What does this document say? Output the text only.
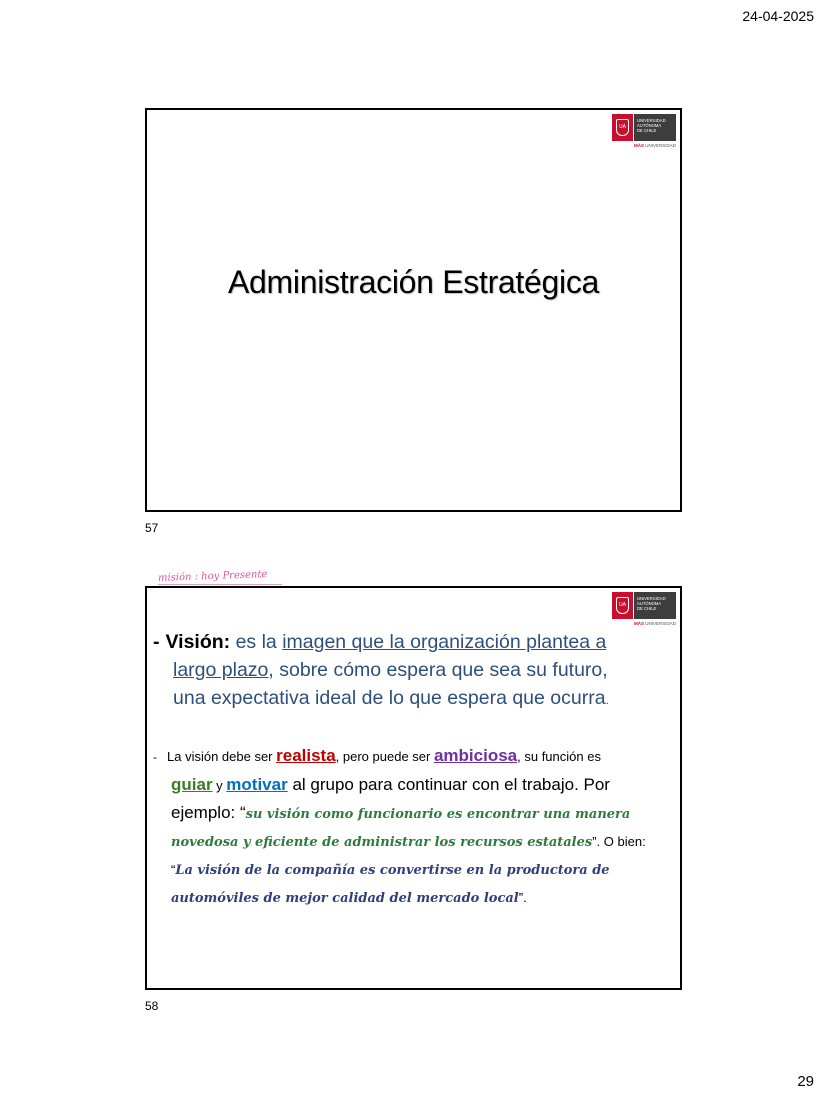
24-04-2025
UA
UNIVERSIDAD
AUTÓNOMA
DE CHILE
MÁS UNIVERSIDAD
Administración Estratégica
57
misión : hoy Presente
UA
UNIVERSIDAD
AUTÓNOMA
DE CHILE
MÁS UNIVERSIDAD
- Visión: es la imagen que la organización plantea a
largo plazo, sobre cómo espera que sea su futuro,
una expectativa ideal de lo que espera que ocurra.
- La visión debe ser realista, pero puede ser ambiciosa, su función es
guiar y motivar al grupo para continuar con el trabajo. Por
ejemplo: “su visión como funcionario es encontrar una manera
novedosa y eficiente de administrar los recursos estatales”. O bien:
“La visión de la compañía es convertirse en la productora de
automóviles de mejor calidad del mercado local”.
58
29
